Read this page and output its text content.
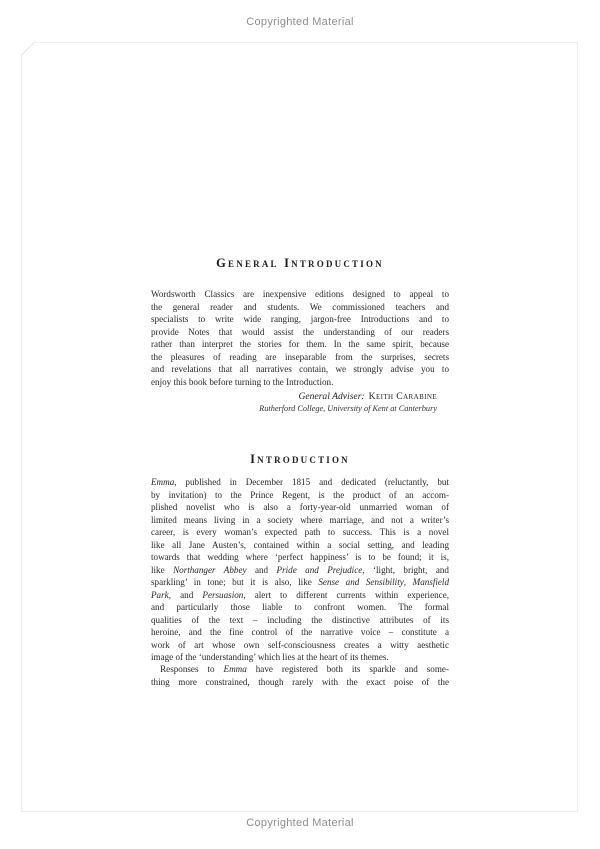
Copyrighted Material
General Introduction
Wordsworth Classics are inexpensive editions designed to appeal to
the general reader and students. We commissioned teachers and
specialists to write wide ranging, jargon-free Introductions and to
provide Notes that would assist the understanding of our readers
rather than interpret the stories for them. In the same spirit, because
the pleasures of reading are inseparable from the surprises, secrets
and revelations that all narratives contain, we strongly advise you to
enjoy this book before turning to the Introduction.
General Adviser: Keith Carabine
Rutherford College, University of Kent at Canterbury
Introduction
Emma, published in December 1815 and dedicated (reluctantly, but
by invitation) to the Prince Regent, is the product of an accom-
plished novelist who is also a forty-year-old unmarried woman of
limited means living in a society where marriage, and not a writer’s
career, is every woman’s expected path to success. This is a novel
like all Jane Austen’s, contained within a social setting, and leading
towards that wedding where ‘perfect happiness’ is to be found; it is,
like Northanger Abbey and Pride and Prejudice, ‘light, bright, and
sparkling’ in tone; but it is also, like Sense and Sensibility, Mansfield
Park, and Persuasion, alert to different currents within experience,
and particularly those liable to confront women. The formal
qualities of the text – including the distinctive attributes of its
heroine, and the fine control of the narrative voice – constitute a
work of art whose own self-consciousness creates a witty aesthetic
image of the ‘understanding’ which lies at the heart of its themes.
 Responses to Emma have registered both its sparkle and some-
thing more constrained, though rarely with the exact poise of the
Copyrighted Material
